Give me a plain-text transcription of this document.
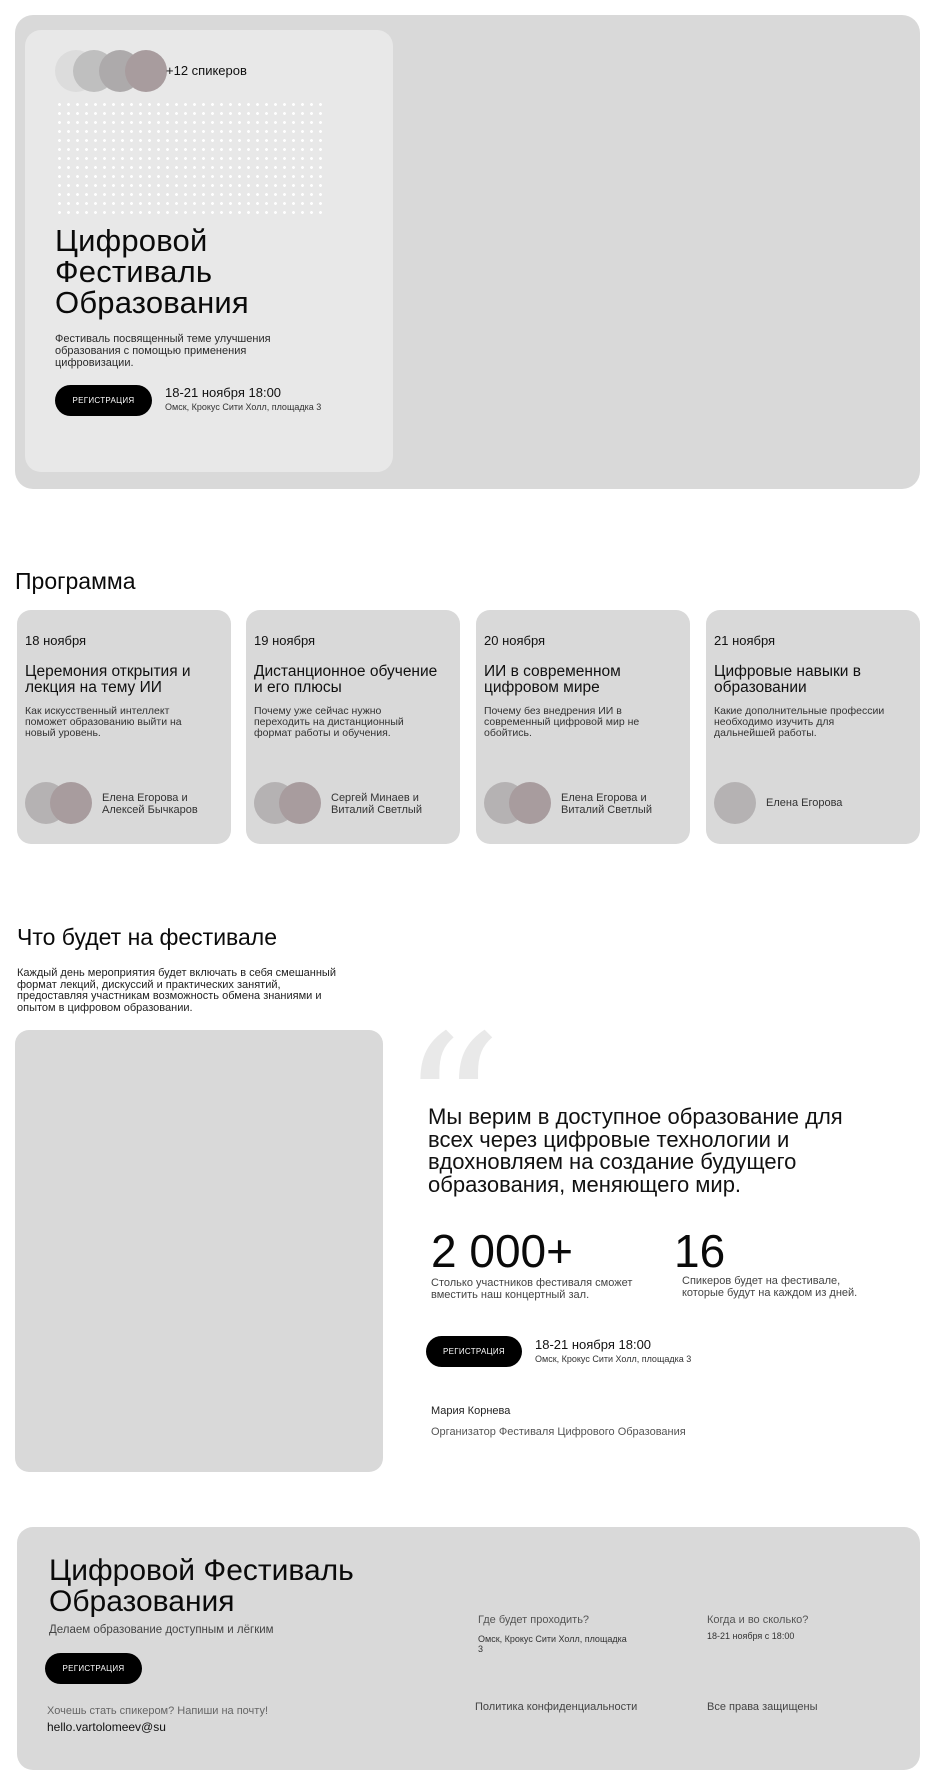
+12 спикеров
Цифровой Фестиваль Образования

Фестиваль посвященный теме улучшения образования с помощью применения цифровизации.

РЕГИСТРАЦИЯ
18-21 ноября 18:00
Омск, Крокус Сити Холл, площадка 3
Программа
18 ноября
Церемония открытия и лекция на тему ИИ
Как искусственный интеллект поможет образованию выйти на новый уровень.
Елена Егорова и Алексей Бычкаров
19 ноября
Дистанционное обучение и его плюсы
Почему уже сейчас нужно переходить на дистанционный формат работы и обучения.
Сергей Минаев и Виталий Светлый
20 ноября
ИИ в современном цифровом мире
Почему без внедрения ИИ в современный цифровой мир не обойтись.
Елена Егорова и Виталий Светлый
21 ноября
Цифровые навыки в образовании
Какие дополнительные профессии необходимо изучить для дальнейшей работы.
Елена Егорова
Что будет на фестивале

Каждый день мероприятия будет включать в себя смешанный формат лекций, дискуссий и практических занятий, предоставляя участникам возможность обмена знаниями и опытом в цифровом образовании.	“

Мы верим в доступное образование для всех через цифровые технологии и вдохновляем на создание будущего образования, меняющего мир.

2 000+
Столько участников фестиваля сможет вместить наш концертный зал.
16
Спикеров будет на фестивале, которые будут на каждом из дней.
РЕГИСТРАЦИЯ	18-21 ноября 18:00
Омск, Крокус Сити Холл, площадка 3
Мария Корнева
Организатор Фестиваля Цифрового Образования
Цифровой Фестиваль Образования
Делаем образование доступным и лёгким
РЕГИСТРАЦИЯ
Хочешь стать спикером? Напиши на почту!
hello.vartolomeev@su
Где будет проходить?
Омск, Крокус Сити Холл, площадка 3
Когда и во сколько?
18-21 ноября с 18:00
Политика конфиденциальности	Все права защищены
